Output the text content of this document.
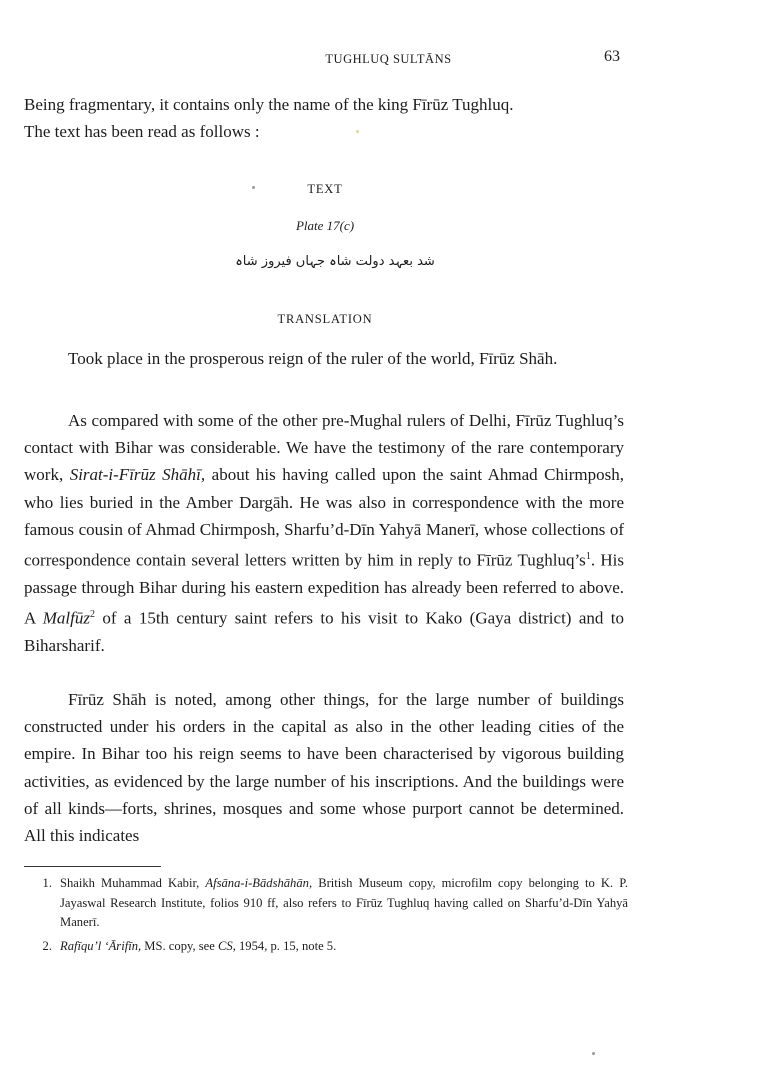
TUGHLUQ SULTĀNS	63

Being fragmentary, it contains only the name of the king Fīrūz Tughluq.

The text has been read as follows :

TEXT
Plate 17(c)
شد بعہد دولت شاہ جہاں فیروز شاہ
TRANSLATION

Took place in the prosperous reign of the ruler of the world, Fīrūz Shāh.

As compared with some of the other pre-Mughal rulers of Delhi, Fīrūz Tughluq’s contact with Bihar was considerable. We have the testimony of the rare contemporary work, Sirat-i-Fīrūz Shāhī, about his having called upon the saint Ahmad Chirmposh, who lies buried in the Amber Dargāh. He was also in correspondence with the more famous cousin of Ahmad Chirmposh, Sharfu’d-Dīn Yahyā Manerī, whose collections of correspondence contain several letters written by him in reply to Fīrūz $Tughluq’s^1$. His passage through Bihar during his eastern expedition has already been referred to above. A Malfūz$^2$ of a 15th century saint refers to his visit to Kako (Gaya district) and to Biharsharif.

Fīrūz Shāh is noted, among other things, for the large number of buildings constructed under his orders in the capital as also in the other leading cities of the empire. In Bihar too his reign seems to have been characterised by vigorous building activities, as evidenced by the large number of his inscriptions. And the buildings were of all kinds—forts, shrines, mosques and some whose purport cannot be determined. All this indicates

1. Shaikh Muhammad Kabir, Afsāna-i-Bādshāhān, British Museum copy, microfilm copy belonging to K. P. Jayaswal Research Institute, folios 910 ff, also refers to Fīrūz Tughluq having called on Sharfu’d-Dīn Yahyā Manerī.
2. Rafīqu’l ‘Ārifīn, MS. copy, see CS, 1954, p. 15, note 5.
